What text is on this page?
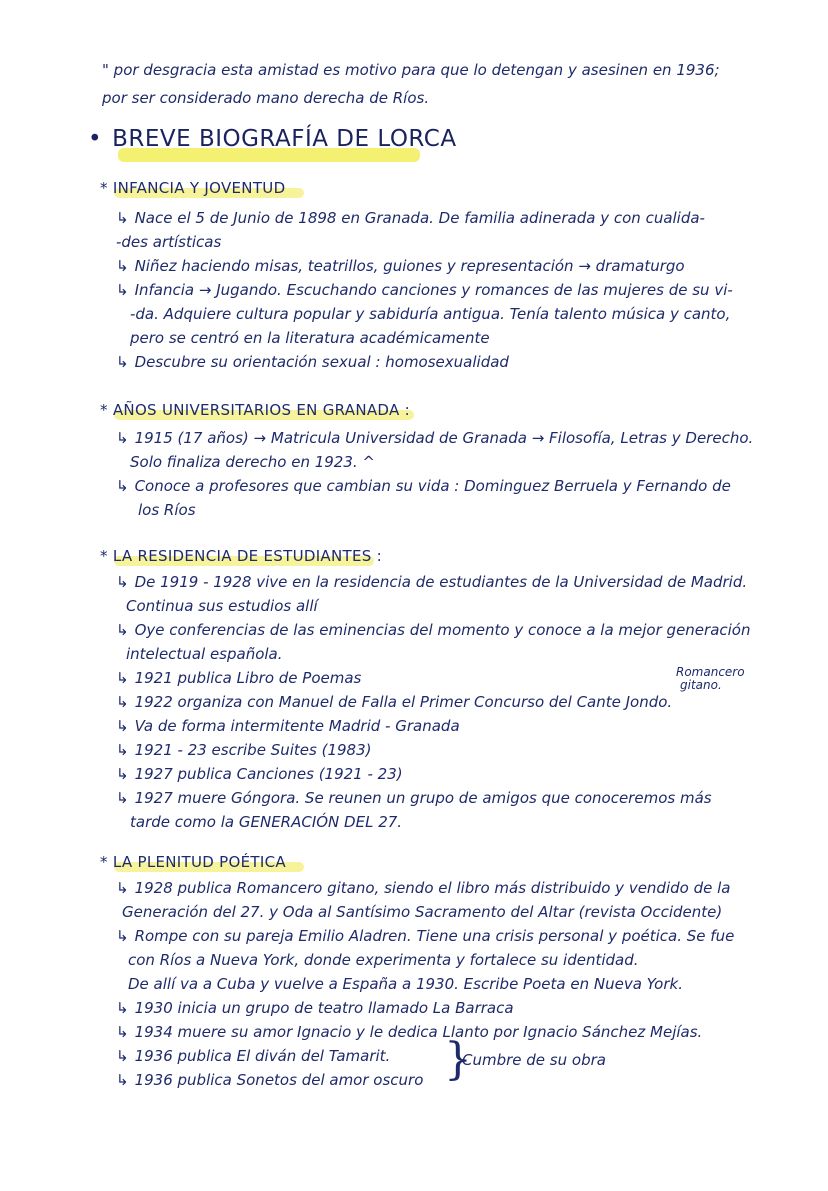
" por desgracia esta amistad es motivo para que lo detengan y asesinen en 1936;
por ser considerado mano derecha de Ríos.
• BREVE BIOGRAFÍA DE LORCA
* INFANCIA Y JOVENTUD
↳ Nace el 5 de Junio de 1898 en Granada. De familia adinerada y con cualida-
-des artísticas
↳ Niñez haciendo misas, teatrillos, guiones y representación → dramaturgo
↳ Infancia → Jugando. Escuchando canciones y romances de las mujeres de su vi-
-da. Adquiere cultura popular y sabiduría antigua. Tenía talento música y canto,
pero se centró en la literatura académicamente
↳ Descubre su orientación sexual : homosexualidad
* AÑOS UNIVERSITARIOS EN GRANADA :
↳ 1915 (17 años) → Matricula Universidad de Granada → Filosofía, Letras y Derecho.
Solo finaliza derecho en 1923. ^
↳ Conoce a profesores que cambian su vida : Dominguez Berruela y Fernando de
los Ríos
* LA RESIDENCIA DE ESTUDIANTES :
↳ De 1919 - 1928 vive en la residencia de estudiantes de la Universidad de Madrid.
Continua sus estudios allí
↳ Oye conferencias de las eminencias del momento y conoce a la mejor generación
intelectual española.
↳ 1921 publica Libro de Poemas
↳ 1922 organiza con Manuel de Falla el Primer Concurso del Cante Jondo.
Romancero
gitano.
↳ Va de forma intermitente Madrid - Granada
↳ 1921 - 23 escribe Suites (1983)
↳ 1927 publica Canciones (1921 - 23)
↳ 1927 muere Góngora. Se reunen un grupo de amigos que conoceremos más
tarde como la GENERACIÓN DEL 27.
* LA PLENITUD POÉTICA
↳ 1928 publica Romancero gitano, siendo el libro más distribuido y vendido de la
Generación del 27. y Oda al Santísimo Sacramento del Altar (revista Occidente)
↳ Rompe con su pareja Emilio Aladren. Tiene una crisis personal y poética. Se fue
con Ríos a Nueva York, donde experimenta y fortalece su identidad.
De allí va a Cuba y vuelve a España a 1930. Escribe Poeta en Nueva York.
↳ 1930 inicia un grupo de teatro llamado La Barraca
↳ 1934 muere su amor Ignacio y le dedica Llanto por Ignacio Sánchez Mejías.
↳ 1936 publica El diván del Tamarit.
↳ 1936 publica Sonetos del amor oscuro }
Cumbre de su obra
